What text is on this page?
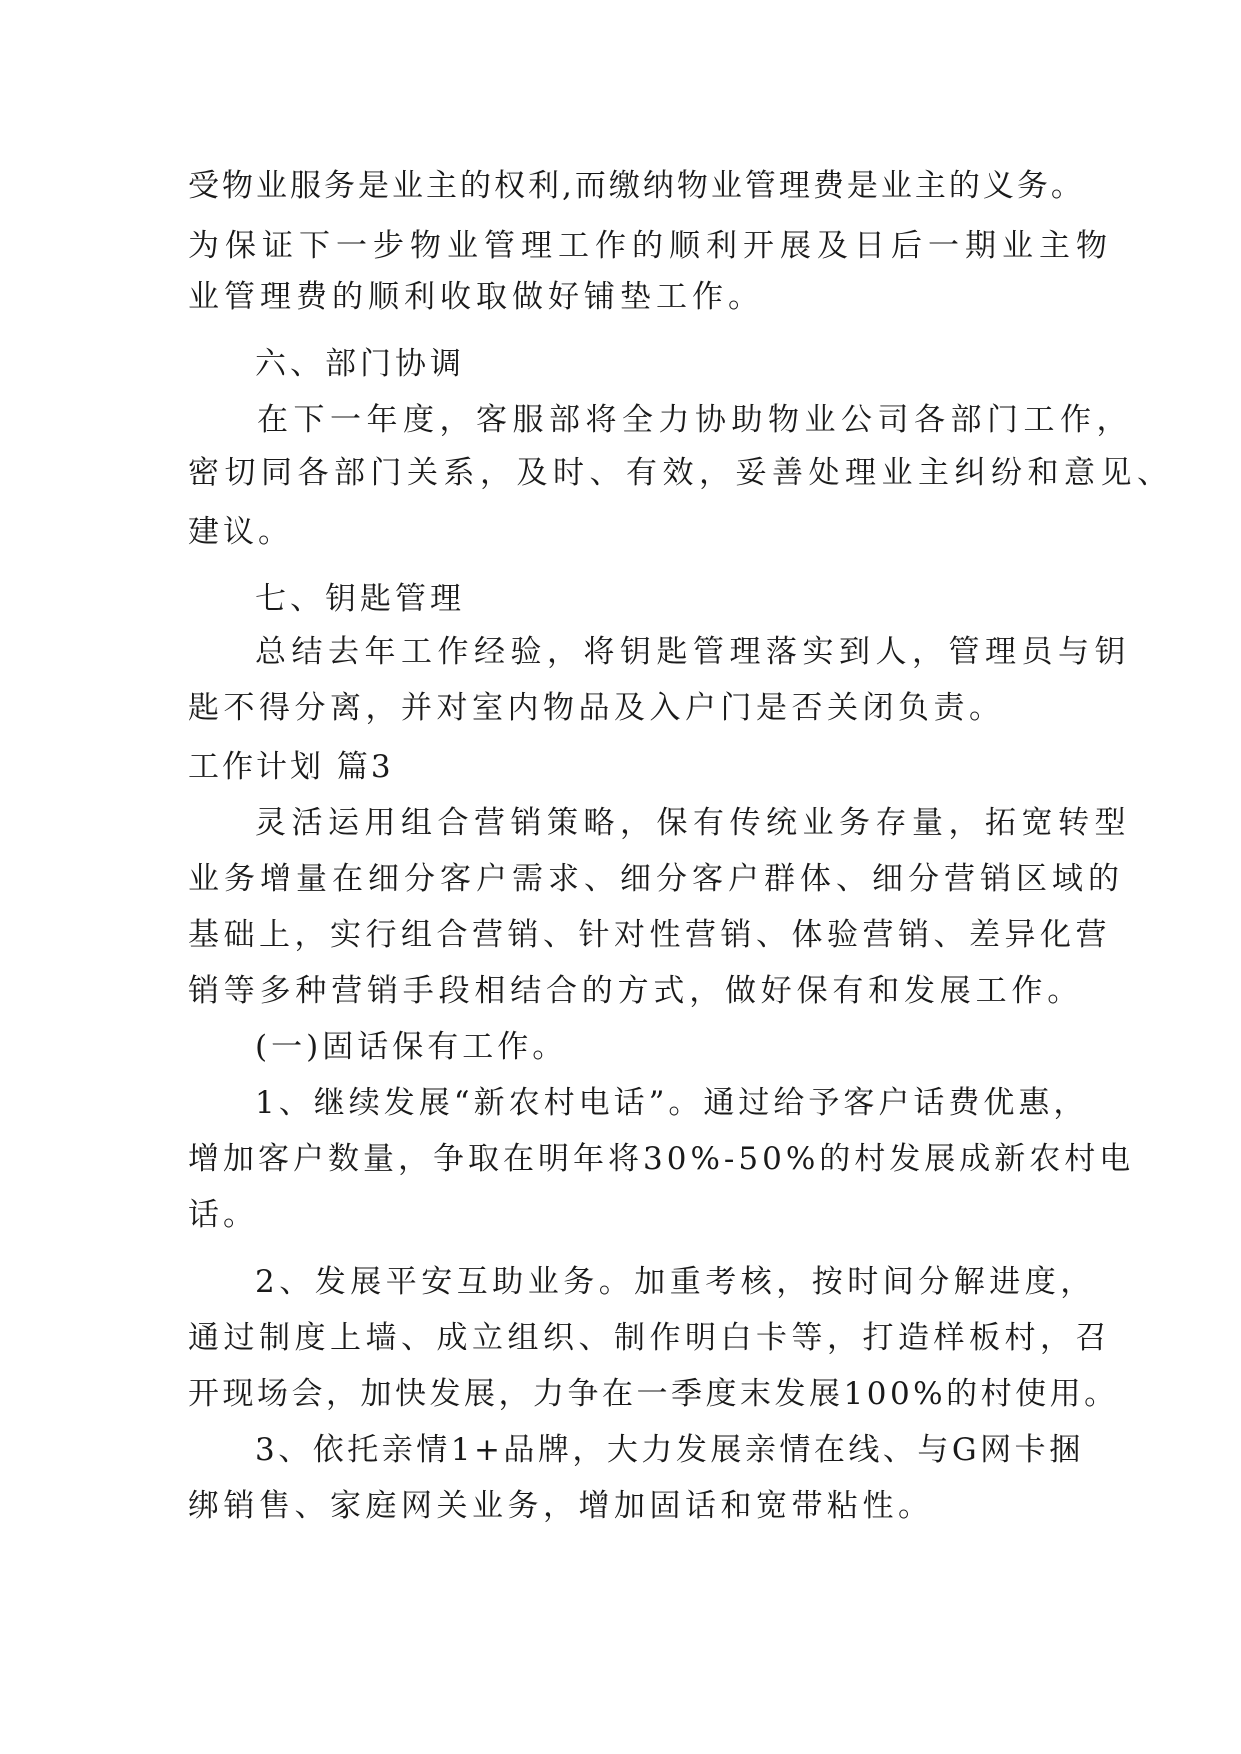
受物业服务是业主的权利,而缴纳物业管理费是业主的义务。
为保证下一步物业管理工作的顺利开展及日后一期业主物
业管理费的顺利收取做好铺垫工作。
六、部门协调
在下一年度，客服部将全力协助物业公司各部门工作，
密切同各部门关系，及时、有效，妥善处理业主纠纷和意见、
建议。
七、钥匙管理
总结去年工作经验，将钥匙管理落实到人，管理员与钥
匙不得分离，并对室内物品及入户门是否关闭负责。
工作计划 篇3
灵活运用组合营销策略，保有传统业务存量，拓宽转型
业务增量在细分客户需求、细分客户群体、细分营销区域的
基础上，实行组合营销、针对性营销、体验营销、差异化营
销等多种营销手段相结合的方式，做好保有和发展工作。
(一)固话保有工作。
1、继续发展“新农村电话”。通过给予客户话费优惠，
增加客户数量，争取在明年将30%-50%的村发展成新农村电
话。
2、发展平安互助业务。加重考核，按时间分解进度，
通过制度上墙、成立组织、制作明白卡等，打造样板村，召
开现场会，加快发展，力争在一季度末发展100%的村使用。
3、依托亲情1+品牌，大力发展亲情在线、与G网卡捆
绑销售、家庭网关业务，增加固话和宽带粘性。
